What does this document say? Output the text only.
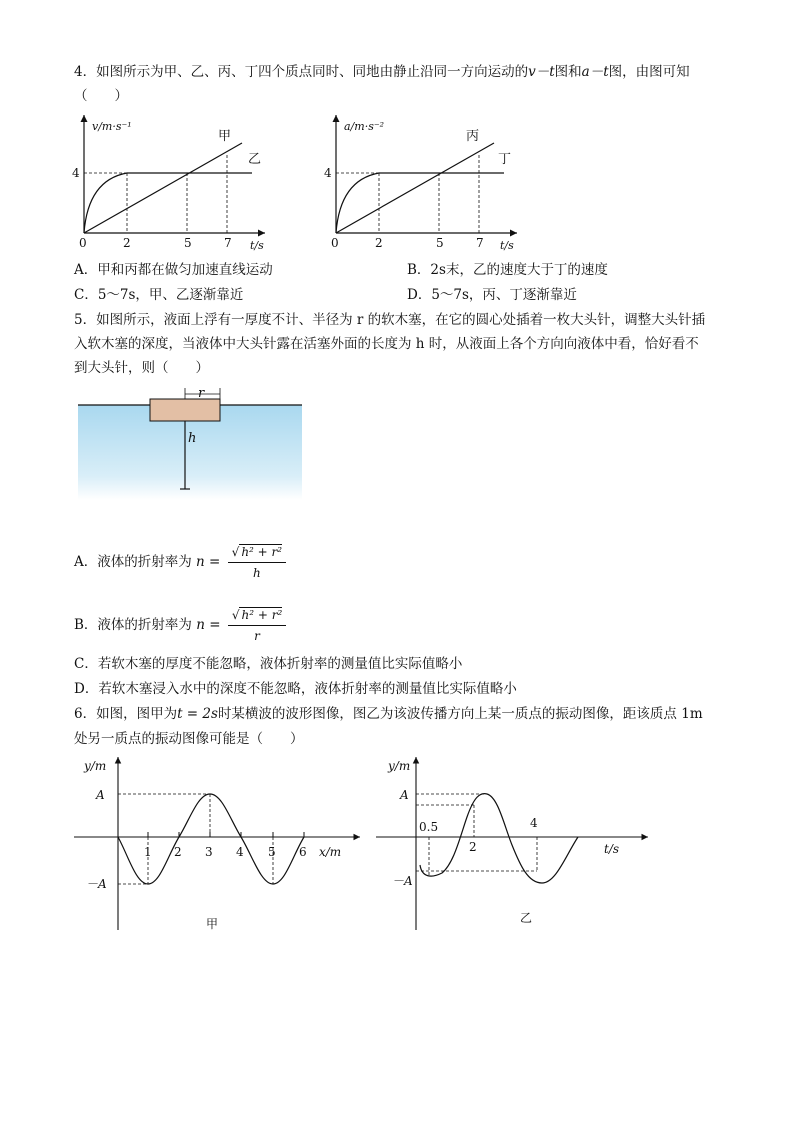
4．如图所示为甲、乙、丙、丁四个质点同时、同地由静止沿同一方向运动的v－t图和a－t图，由图可知
（　　）
v/m·s⁻¹
t/s
4
0	2	5	7
甲
乙
a/m·s⁻²
t/s
4
0	2	5	7
丙
丁
A．甲和丙都在做匀加速直线运动	B．2s末，乙的速度大于丁的速度
C．5～7s，甲、乙逐渐靠近	D．5～7s，丙、丁逐渐靠近
5．如图所示，液面上浮有一厚度不计、半径为 r 的软木塞，在它的圆心处插着一枚大头针，调整大头针插
入软木塞的深度，当液体中大头针露在活塞外面的长度为 h 时，从液面上各个方向向液体中看，恰好看不
到大头针，则（　　）
r
h
A．液体的折射率为 $n = \frac{\text{√ h² + r²}}{h}$
B．液体的折射率为 $n = \frac{\text{√ h² + r²}}{r}$
C．若软木塞的厚度不能忽略，液体折射率的测量值比实际值略小
D．若软木塞浸入水中的深度不能忽略，液体折射率的测量值比实际值略小
6．如图，图甲为t = 2s时某横波的波形图像，图乙为该波传播方向上某一质点的振动图像，距该质点 1m
处另一质点的振动图像可能是（　　）
y/m
x/m
A
－A
1 2 3 4 5 6
甲
y/m
t/s
A
－A
0.5
2
4
乙
